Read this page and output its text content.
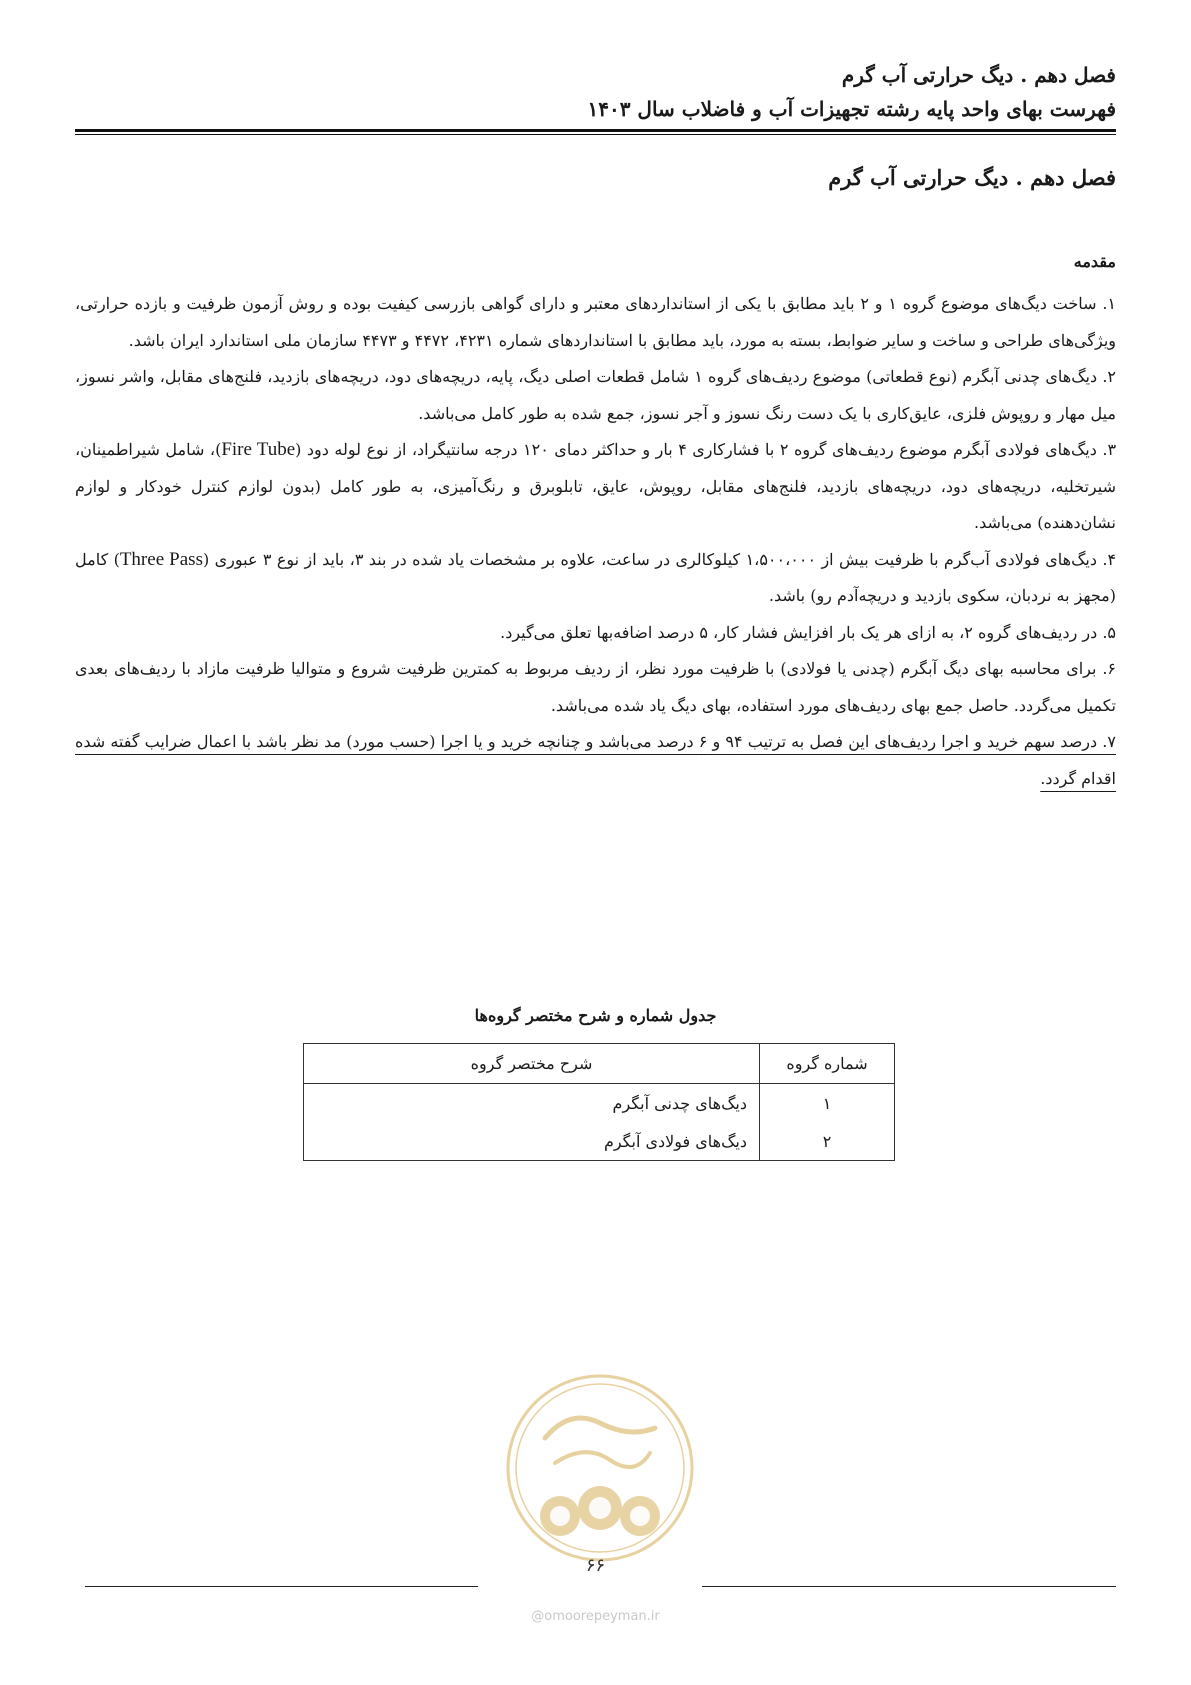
فصل دهم . دیگ حرارتی آب گرم
فهرست بهای واحد پایه رشته تجهیزات آب و فاضلاب سال ۱۴۰۳
فصل دهم . دیگ حرارتی آب گرم
مقدمه

۱. ساخت دیگ‌های موضوع گروه ۱ و ۲ باید مطابق با یکی از استانداردهای معتبر و دارای گواهی بازرسی کیفیت بوده و روش آزمون ظرفیت و بازده حرارتی، ویژگی‌های طراحی و ساخت و سایر ضوابط، بسته به مورد، باید مطابق با استانداردهای شماره ۴۲۳۱، ۴۴۷۲ و ۴۴۷۳ سازمان ملی استاندارد ایران باشد.

۲. دیگ‌های چدنی آبگرم (نوع قطعاتی) موضوع ردیف‌های گروه ۱ شامل قطعات اصلی دیگ، پایه، دریچه‌های دود، دریچه‌های بازدید، فلنج‌های مقابل، واشر نسوز، میل مهار و روپوش فلزی، عایق‌کاری با یک دست رنگ نسوز و آجر نسوز، جمع شده به طور کامل می‌باشد.

۳. دیگ‌های فولادی آبگرم موضوع ردیف‌های گروه ۲ با فشارکاری ۴ بار و حداکثر دمای ۱۲۰ درجه سانتیگراد، از نوع لوله دود (Fire Tube)، شامل شیراطمینان، شیرتخلیه، دریچه‌های دود، دریچه‌های بازدید، فلنج‌های مقابل، روپوش، عایق، تابلوبرق و رنگ‌آمیزی، به طور کامل (بدون لوازم کنترل خودکار و لوازم نشان‌دهنده) می‌باشد.

۴. دیگ‌های فولادی آب‌گرم با ظرفیت بیش از ۱،۵۰۰،۰۰۰ کیلوکالری در ساعت، علاوه بر مشخصات یاد شده در بند ۳، باید از نوع ۳ عبوری (Three Pass) کامل (مجهز به نردبان، سکوی بازدید و دریچه‌آدم رو) باشد.

۵. در ردیف‌های گروه ۲، به ازای هر یک بار افزایش فشار کار، ۵ درصد اضافه‌بها تعلق می‌گیرد.

۶. برای محاسبه بهای دیگ آبگرم (چدنی یا فولادی) با ظرفیت مورد نظر، از ردیف مربوط به کمترین ظرفیت شروع و متوالیا ظرفیت مازاد با ردیف‌های بعدی تکمیل می‌گردد. حاصل جمع بهای ردیف‌های مورد استفاده، بهای دیگ یاد شده می‌باشد.

۷. درصد سهم خرید و اجرا ردیف‌های این فصل به ترتیب ۹۴ و ۶ درصد می‌باشد و چنانچه خرید و یا اجرا (حسب مورد) مد نظر باشد با اعمال ضرایب گفته شده اقدام گردد.

جدول شماره و شرح مختصر گروه‌ها
شماره گروه	شرح مختصر گروه
۱	دیگ‌های چدنی آبگرم
۲	دیگ‌های فولادی آبگرم
۶۶
@omoorepeyman.ir
